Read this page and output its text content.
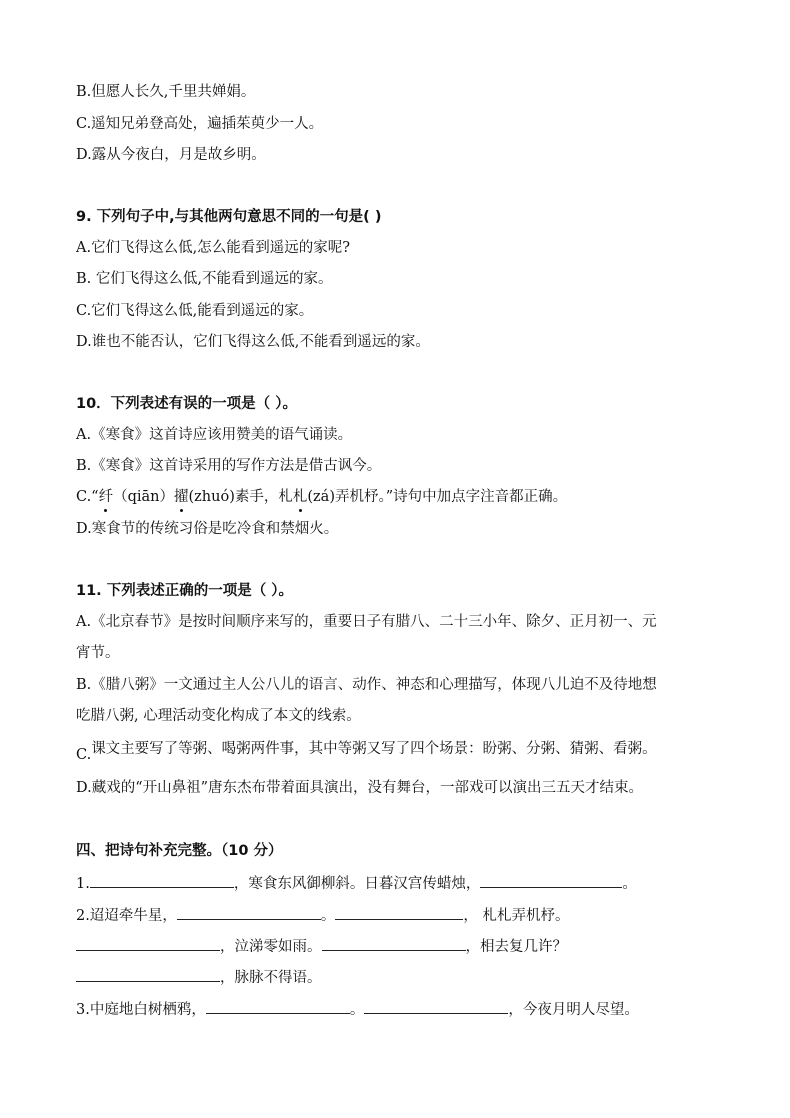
B.但愿人长久,千里共婵娟。
C.遥知兄弟登高处，遍插茱萸少一人。
D.露从今夜白，月是故乡明。
9. 下列句子中,与其他两句意思不同的一句是( )
A.它们飞得这么低,怎么能看到遥远的家呢?
B. 它们飞得这么低,不能看到遥远的家。
C.它们飞得这么低,能看到遥远的家。
D.谁也不能否认，它们飞得这么低,不能看到遥远的家。
10．下列表述有误的一项是（ ）。
A.《寒食》这首诗应该用赞美的语气诵读。
B.《寒食》这首诗采用的写作方法是借古讽今。
C.“纤（qiān）擢(zhuó)素手，札札(zá)弄机杼。”诗句中加点字注音都正确。
D.寒食节的传统习俗是吃冷食和禁烟火。
11. 下列表述正确的一项是（ ）。
A.《北京春节》是按时间顺序来写的，重要日子有腊八、二十三小年、除夕、正月初一、元
宵节。
B.《腊八粥》一文通过主人公八儿的语言、动作、神态和心理描写，体现八儿迫不及待地想
吃腊八粥, 心理活动变化构成了本文的线索。
C.课文主要写了等粥、喝粥两件事，其中等粥又写了四个场景：盼粥、分粥、猜粥、看粥。
D.藏戏的“开山鼻祖”唐东杰布带着面具演出，没有舞台，一部戏可以演出三五天才结束。
四、把诗句补充完整。（10 分）
1.	，寒食东风御柳斜。日暮汉宫传蜡烛，	。
2.迢迢牵牛星，	。	， 札札弄机杼。
，泣涕零如雨。	，相去复几许？
，脉脉不得语。
3.中庭地白树栖鸦，	。	，今夜月明人尽望。
